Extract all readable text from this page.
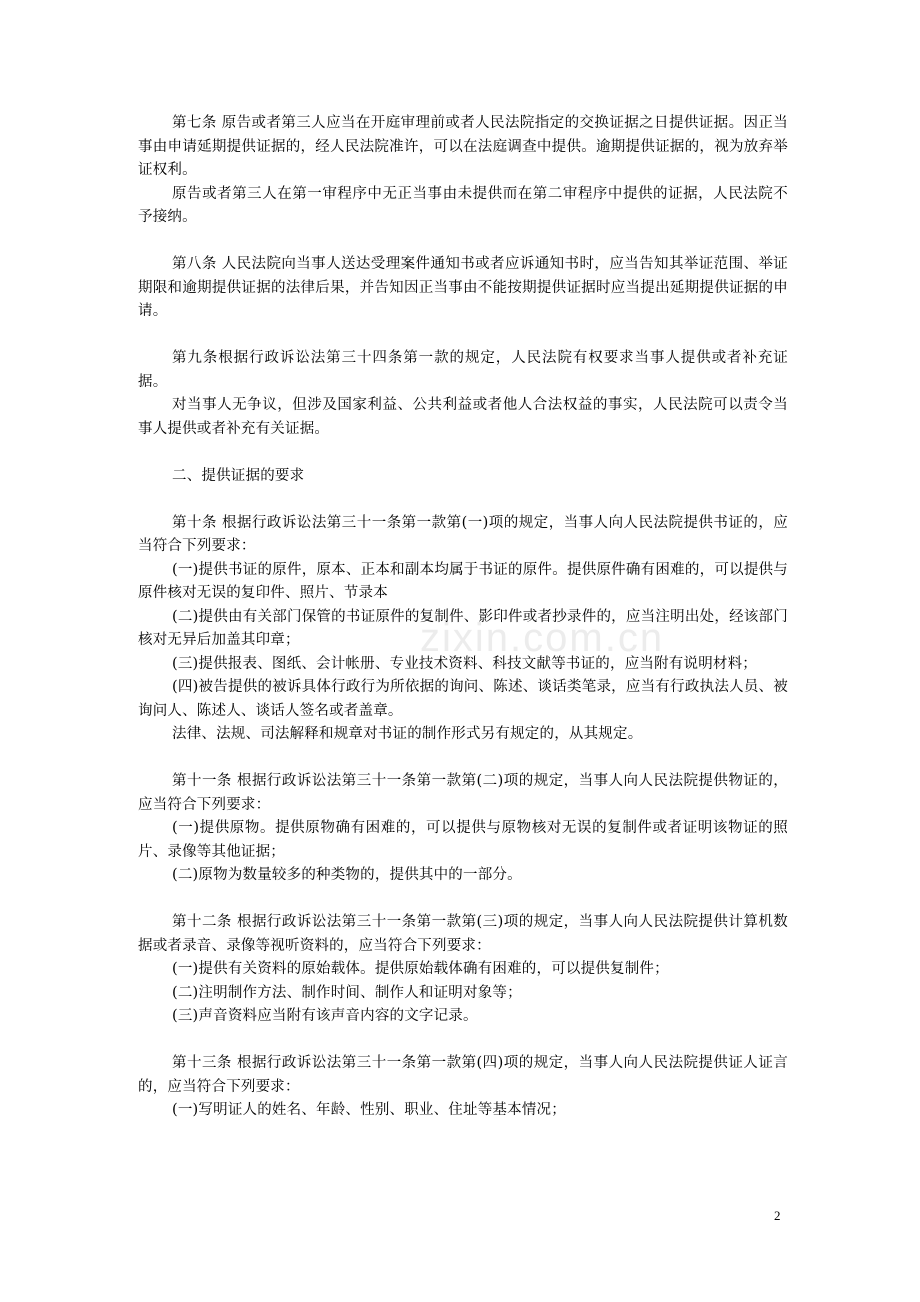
zixin.com.cn

第七条 原告或者第三人应当在开庭审理前或者人民法院指定的交换证据之日提供证据。因正当事由申请延期提供证据的，经人民法院准许，可以在法庭调查中提供。逾期提供证据的，视为放弃举证权利。

原告或者第三人在第一审程序中无正当事由未提供而在第二审程序中提供的证据，人民法院不予接纳。

第八条 人民法院向当事人送达受理案件通知书或者应诉通知书时，应当告知其举证范围、举证期限和逾期提供证据的法律后果，并告知因正当事由不能按期提供证据时应当提出延期提供证据的申请。

第九条根据行政诉讼法第三十四条第一款的规定，人民法院有权要求当事人提供或者补充证据。

对当事人无争议，但涉及国家利益、公共利益或者他人合法权益的事实，人民法院可以责令当事人提供或者补充有关证据。

二、提供证据的要求

第十条 根据行政诉讼法第三十一条第一款第(一)项的规定，当事人向人民法院提供书证的，应当符合下列要求：

(一)提供书证的原件，原本、正本和副本均属于书证的原件。提供原件确有困难的，可以提供与原件核对无误的复印件、照片、节录本

(二)提供由有关部门保管的书证原件的复制件、影印件或者抄录件的，应当注明出处，经该部门核对无异后加盖其印章；

(三)提供报表、图纸、会计帐册、专业技术资料、科技文献等书证的，应当附有说明材料；

(四)被告提供的被诉具体行政行为所依据的询问、陈述、谈话类笔录，应当有行政执法人员、被询问人、陈述人、谈话人签名或者盖章。

法律、法规、司法解释和规章对书证的制作形式另有规定的，从其规定。

第十一条 根据行政诉讼法第三十一条第一款第(二)项的规定，当事人向人民法院提供物证的，应当符合下列要求：

(一)提供原物。提供原物确有困难的，可以提供与原物核对无误的复制件或者证明该物证的照片、录像等其他证据；

(二)原物为数量较多的种类物的，提供其中的一部分。

第十二条 根据行政诉讼法第三十一条第一款第(三)项的规定，当事人向人民法院提供计算机数据或者录音、录像等视听资料的，应当符合下列要求：

(一)提供有关资料的原始载体。提供原始载体确有困难的，可以提供复制件；

(二)注明制作方法、制作时间、制作人和证明对象等；

(三)声音资料应当附有该声音内容的文字记录。

第十三条 根据行政诉讼法第三十一条第一款第(四)项的规定，当事人向人民法院提供证人证言的，应当符合下列要求：

(一)写明证人的姓名、年龄、性别、职业、住址等基本情况；

2
